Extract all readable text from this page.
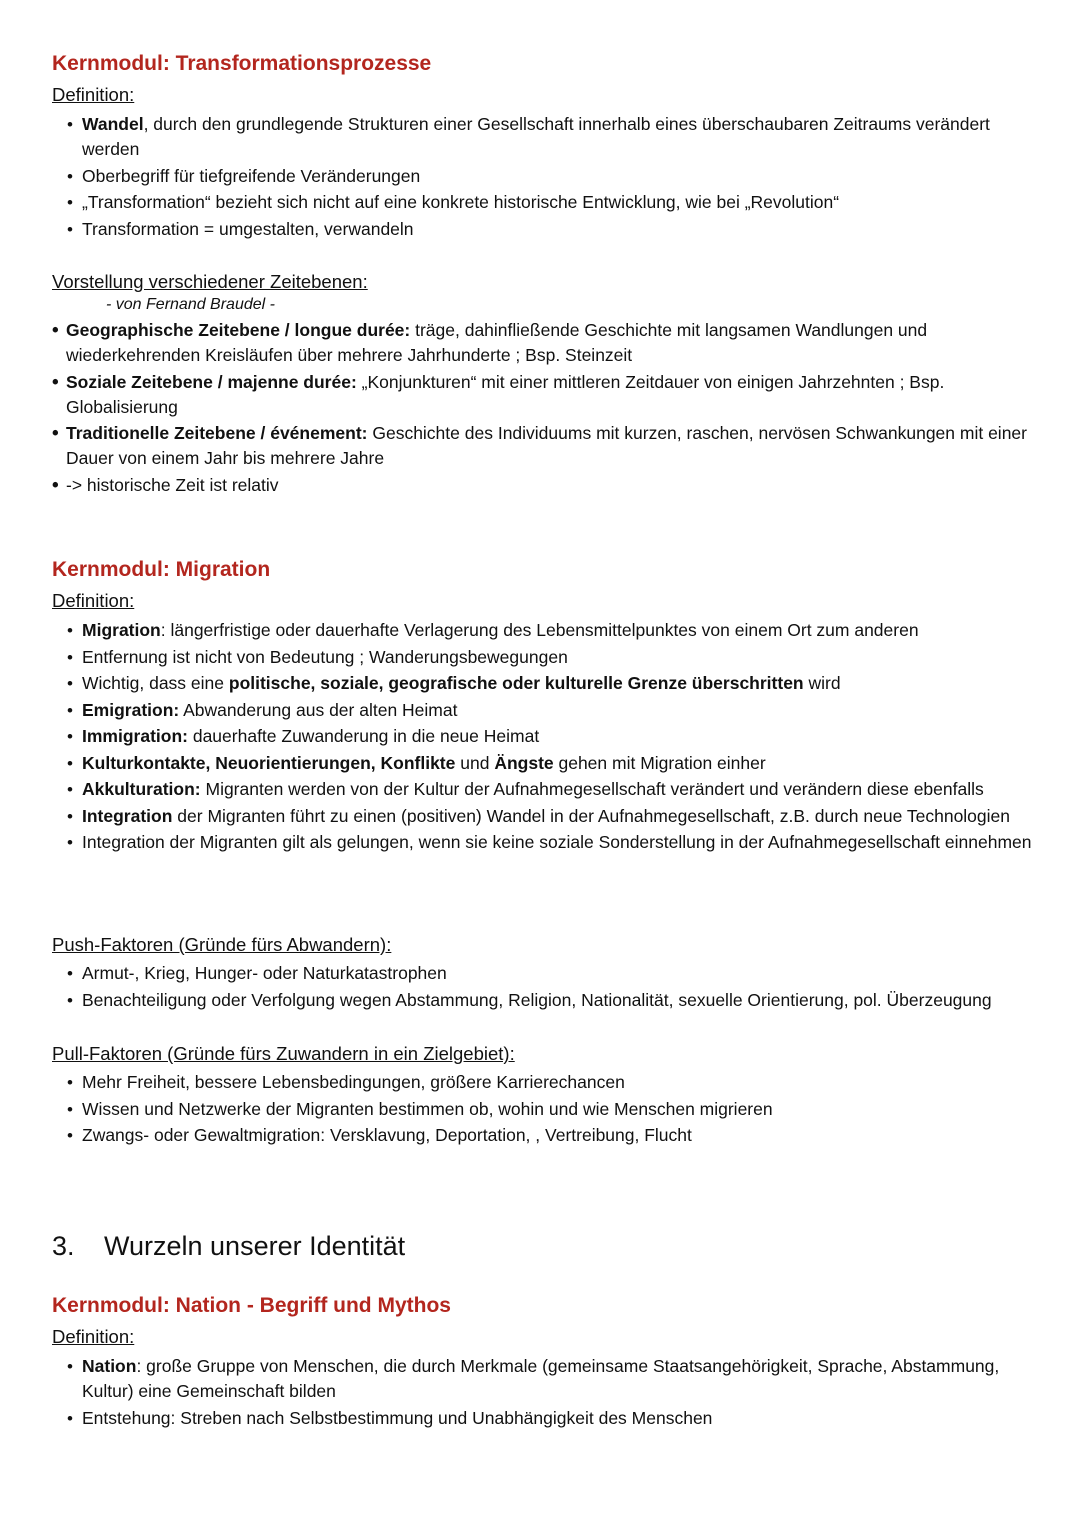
Kernmodul: Transformationsprozesse

Definition:

• Wandel, durch den grundlegende Strukturen einer Gesellschaft innerhalb eines überschaubaren Zeitraums verändert werden
• Oberbegriff für tiefgreifende Veränderungen
• „Transformation“ bezieht sich nicht auf eine konkrete historische Entwicklung, wie bei „Revolution“
• Transformation = umgestalten, verwandeln

Vorstellung verschiedener Zeitebenen:

- von Fernand Braudel -

• Geographische Zeitebene / longue durée: träge, dahinfließende Geschichte mit langsamen Wandlungen und wiederkehrenden Kreisläufen über mehrere Jahrhunderte ; Bsp. Steinzeit
• Soziale Zeitebene / majenne durée: „Konjunkturen“ mit einer mittleren Zeitdauer von einigen Jahrzehnten ; Bsp. Globalisierung
• Traditionelle Zeitebene / événement: Geschichte des Individuums mit kurzen, raschen, nervösen Schwankungen mit einer Dauer von einem Jahr bis mehrere Jahre
• -> historische Zeit ist relativ
Kernmodul: Migration

Definition:

• Migration: längerfristige oder dauerhafte Verlagerung des Lebensmittelpunktes von einem Ort zum anderen
• Entfernung ist nicht von Bedeutung ; Wanderungsbewegungen
• Wichtig, dass eine politische, soziale, geografische oder kulturelle Grenze überschritten wird
• Emigration: Abwanderung aus der alten Heimat
• Immigration: dauerhafte Zuwanderung in die neue Heimat
• Kulturkontakte, Neuorientierungen, Konflikte und Ängste gehen mit Migration einher
• Akkulturation: Migranten werden von der Kultur der Aufnahmegesellschaft verändert und verändern diese ebenfalls
• Integration der Migranten führt zu einen (positiven) Wandel in der Aufnahmegesellschaft, z.B. durch neue Technologien
• Integration der Migranten gilt als gelungen, wenn sie keine soziale Sonderstellung in der Aufnahmegesellschaft einnehmen

Push-Faktoren (Gründe fürs Abwandern):

• Armut-, Krieg, Hunger- oder Naturkatastrophen
• Benachteiligung oder Verfolgung wegen Abstammung, Religion, Nationalität, sexuelle Orientierung, pol. Überzeugung

Pull-Faktoren (Gründe fürs Zuwandern in ein Zielgebiet):

• Mehr Freiheit, bessere Lebensbedingungen, größere Karrierechancen
• Wissen und Netzwerke der Migranten bestimmen ob, wohin und wie Menschen migrieren
• Zwangs- oder Gewaltmigration: Versklavung, Deportation, , Vertreibung, Flucht
3. Wurzeln unserer Identität
Kernmodul: Nation - Begriff und Mythos

Definition:

• Nation: große Gruppe von Menschen, die durch Merkmale (gemeinsame Staatsangehörigkeit, Sprache, Abstammung, Kultur) eine Gemeinschaft bilden
• Entstehung: Streben nach Selbstbestimmung und Unabhängigkeit des Menschen
